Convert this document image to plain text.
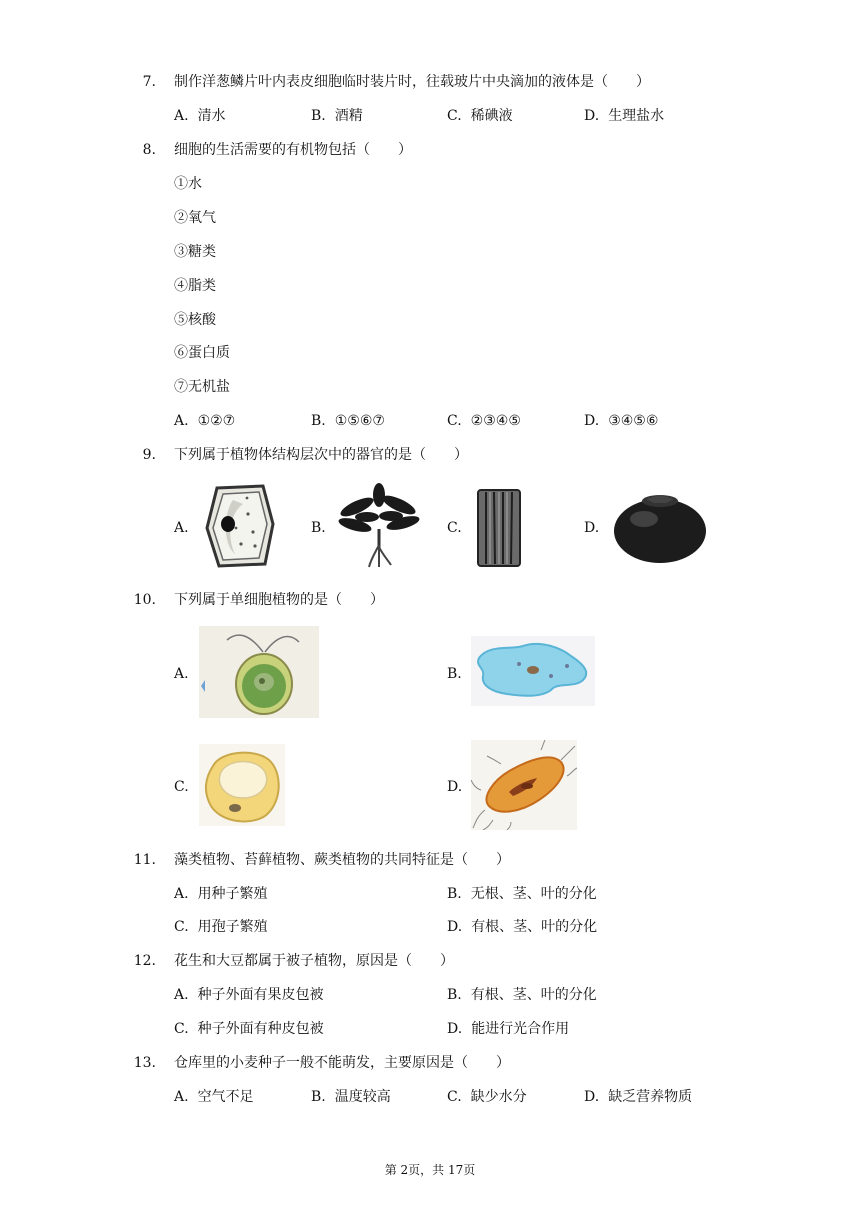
7. 制作洋葱鳞片叶内表皮细胞临时装片时，往载玻片中央滴加的液体是（　　）
A. 清水	B. 酒精	C. 稀碘液	D. 生理盐水
8. 细胞的生活需要的有机物包括（　　）
①水
②氧气
③糖类
④脂类
⑤核酸
⑥蛋白质
⑦无机盐
A. ①②⑦	B. ①⑤⑥⑦	C. ②③④⑤	D. ③④⑤⑥
9. 下列属于植物体结构层次中的器官的是（　　）
A.	B.	C.	D.
10. 下列属于单细胞植物的是（　　）
A.	B.
C.	D.
11. 藻类植物、苔藓植物、蕨类植物的共同特征是（　　）
A. 用种子繁殖	B. 无根、茎、叶的分化
C. 用孢子繁殖	D. 有根、茎、叶的分化
12. 花生和大豆都属于被子植物，原因是（　　）
A. 种子外面有果皮包被	B. 有根、茎、叶的分化
C. 种子外面有种皮包被	D. 能进行光合作用
13. 仓库里的小麦种子一般不能萌发，主要原因是（　　）
A. 空气不足	B. 温度较高	C. 缺少水分	D. 缺乏营养物质
第 2页，共 17页
